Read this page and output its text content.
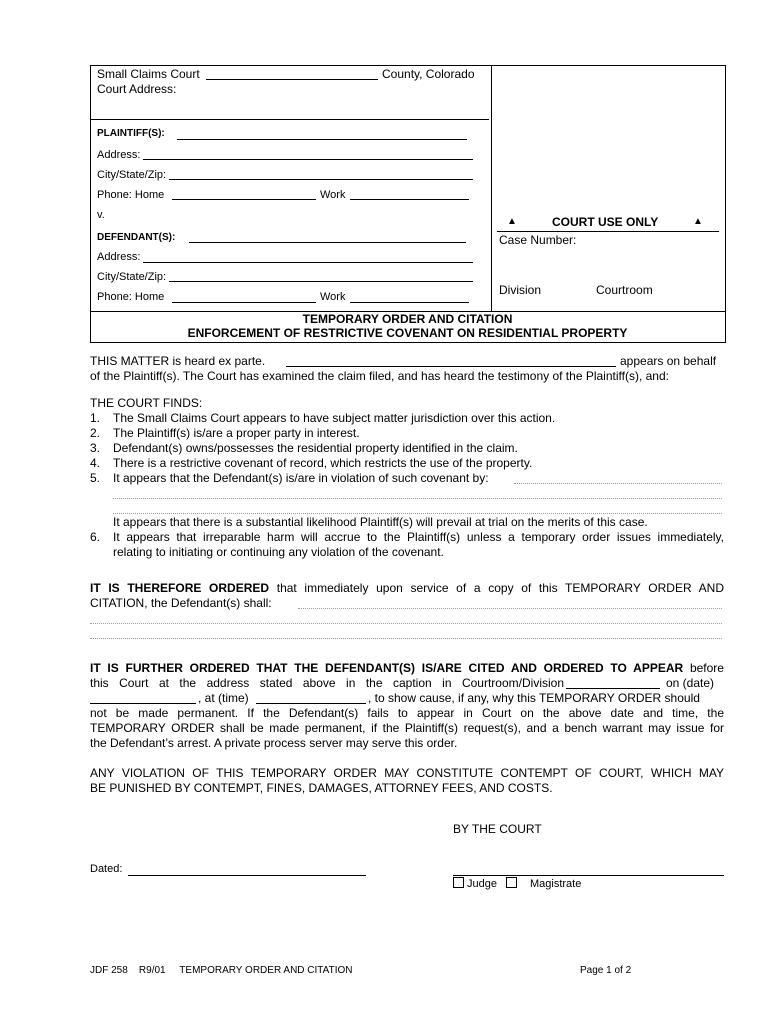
Small Claims Court	County, Colorado
Court Address:
PLAINTIFF(S):
Address:
City/State/Zip:
Phone: Home	Work
v.
DEFENDANT(S):
Address:
City/State/Zip:
Phone: Home	Work
▲	COURT USE ONLY	▲
Case Number:
Division	Courtroom
TEMPORARY ORDER AND CITATION
ENFORCEMENT OF RESTRICTIVE COVENANT ON RESIDENTIAL PROPERTY
THIS MATTER is heard ex parte.	appears on behalf
of the Plaintiff(s). The Court has examined the claim filed, and has heard the testimony of the Plaintiff(s), and:
THE COURT FINDS:
1. The Small Claims Court appears to have subject matter jurisdiction over this action.
2. The Plaintiff(s) is/are a proper party in interest.
3. Defendant(s) owns/possesses the residential property identified in the claim.
4. There is a restrictive covenant of record, which restricts the use of the property.
5. It appears that the Defendant(s) is/are in violation of such covenant by:
It appears that there is a substantial likelihood Plaintiff(s) will prevail at trial on the merits of this case.
6. It appears that irreparable harm will accrue to the Plaintiff(s) unless a temporary order issues immediately,
relating to initiating or continuing any violation of the covenant.
IT IS THEREFORE ORDERED that immediately upon service of a copy of this TEMPORARY ORDER AND
CITATION, the Defendant(s) shall:
IT IS FURTHER ORDERED THAT THE DEFENDANT(S) IS/ARE CITED AND ORDERED TO APPEAR before
this Court at the address stated above in the caption in Courtroom/Division	on (date)
, at (time)	, to show cause, if any, why this TEMPORARY ORDER should
not be made permanent. If the Defendant(s) fails to appear in Court on the above date and time, the
TEMPORARY ORDER shall be made permanent, if the Plaintiff(s) request(s), and a bench warrant may issue for
the Defendant’s arrest. A private process server may serve this order.
ANY VIOLATION OF THIS TEMPORARY ORDER MAY CONSTITUTE CONTEMPT OF COURT, WHICH MAY
BE PUNISHED BY CONTEMPT, FINES, DAMAGES, ATTORNEY FEES, AND COSTS.
BY THE COURT
Dated:
Judge	Magistrate
JDF 258    R9/01     TEMPORARY ORDER AND CITATION	Page 1 of 2
